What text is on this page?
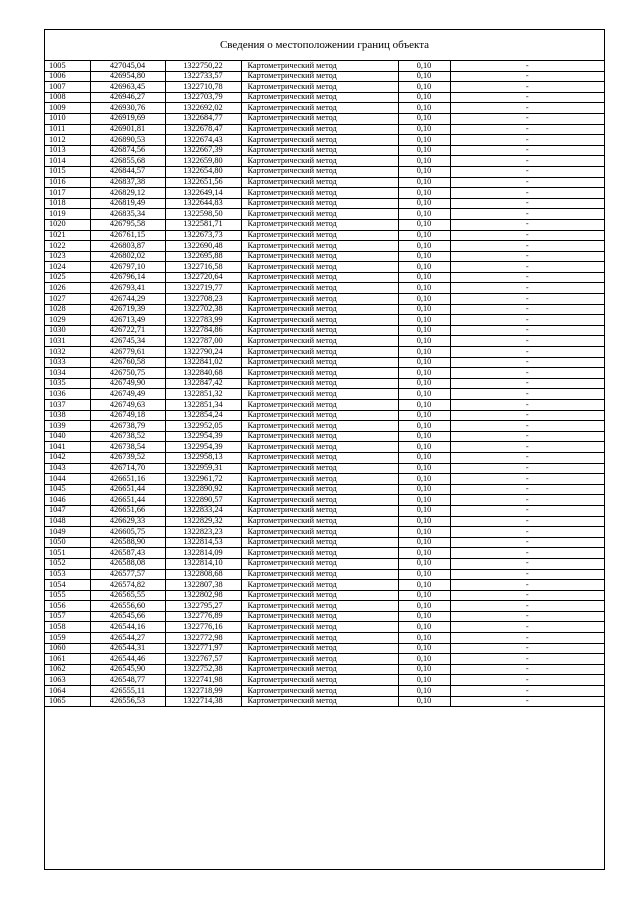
Сведения о местоположении границ объекта
1005	427045,04	1322750,22	Картометрический метод	0,10	-
1006	426954,80	1322733,57	Картометрический метод	0,10	-
1007	426963,45	1322710,78	Картометрический метод	0,10	-
1008	426946,27	1322703,79	Картометрический метод	0,10	-
1009	426930,76	1322692,02	Картометрический метод	0,10	-
1010	426919,69	1322684,77	Картометрический метод	0,10	-
1011	426901,81	1322678,47	Картометрический метод	0,10	-
1012	426890,53	1322674,43	Картометрический метод	0,10	-
1013	426874,56	1322667,39	Картометрический метод	0,10	-
1014	426855,68	1322659,80	Картометрический метод	0,10	-
1015	426844,57	1322654,80	Картометрический метод	0,10	-
1016	426837,38	1322651,56	Картометрический метод	0,10	-
1017	426829,12	1322649,14	Картометрический метод	0,10	-
1018	426819,49	1322644,83	Картометрический метод	0,10	-
1019	426835,34	1322598,50	Картометрический метод	0,10	-
1020	426795,58	1322581,71	Картометрический метод	0,10	-
1021	426761,15	1322673,73	Картометрический метод	0,10	-
1022	426803,87	1322690,48	Картометрический метод	0,10	-
1023	426802,02	1322695,88	Картометрический метод	0,10	-
1024	426797,10	1322716,58	Картометрический метод	0,10	-
1025	426796,14	1322720,64	Картометрический метод	0,10	-
1026	426793,41	1322719,77	Картометрический метод	0,10	-
1027	426744,29	1322708,23	Картометрический метод	0,10	-
1028	426719,39	1322702,38	Картометрический метод	0,10	-
1029	426713,49	1322783,99	Картометрический метод	0,10	-
1030	426722,71	1322784,86	Картометрический метод	0,10	-
1031	426745,34	1322787,00	Картометрический метод	0,10	-
1032	426779,61	1322790,24	Картометрический метод	0,10	-
1033	426760,58	1322841,02	Картометрический метод	0,10	-
1034	426750,75	1322840,68	Картометрический метод	0,10	-
1035	426749,90	1322847,42	Картометрический метод	0,10	-
1036	426749,49	1322851,32	Картометрический метод	0,10	-
1037	426749,63	1322851,34	Картометрический метод	0,10	-
1038	426749,18	1322854,24	Картометрический метод	0,10	-
1039	426738,79	1322952,05	Картометрический метод	0,10	-
1040	426738,52	1322954,39	Картометрический метод	0,10	-
1041	426738,54	1322954,39	Картометрический метод	0,10	-
1042	426739,52	1322958,13	Картометрический метод	0,10	-
1043	426714,70	1322959,31	Картометрический метод	0,10	-
1044	426651,16	1322961,72	Картометрический метод	0,10	-
1045	426651,44	1322890,92	Картометрический метод	0,10	-
1046	426651,44	1322890,57	Картометрический метод	0,10	-
1047	426651,66	1322833,24	Картометрический метод	0,10	-
1048	426629,33	1322829,32	Картометрический метод	0,10	-
1049	426605,75	1322823,23	Картометрический метод	0,10	-
1050	426588,90	1322814,53	Картометрический метод	0,10	-
1051	426587,43	1322814,09	Картометрический метод	0,10	-
1052	426588,08	1322814,10	Картометрический метод	0,10	-
1053	426577,57	1322808,68	Картометрический метод	0,10	-
1054	426574,82	1322807,38	Картометрический метод	0,10	-
1055	426565,55	1322802,98	Картометрический метод	0,10	-
1056	426556,60	1322795,27	Картометрический метод	0,10	-
1057	426545,66	1322776,89	Картометрический метод	0,10	-
1058	426544,16	1322776,16	Картометрический метод	0,10	-
1059	426544,27	1322772,98	Картометрический метод	0,10	-
1060	426544,31	1322771,97	Картометрический метод	0,10	-
1061	426544,46	1322767,57	Картометрический метод	0,10	-
1062	426545,90	1322752,38	Картометрический метод	0,10	-
1063	426548,77	1322741,98	Картометрический метод	0,10	-
1064	426555,11	1322718,99	Картометрический метод	0,10	-
1065	426556,53	1322714,38	Картометрический метод	0,10	-
